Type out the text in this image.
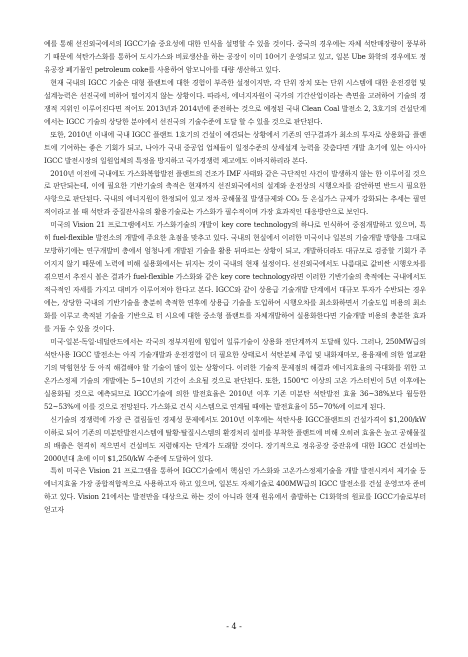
예를 통해 선진외국에서의 IGCC기술 중요성에 대한 인식을 설명할 수 있을 것이다. 중국의 경우에는 자체 석탄매장량이 풍부하기 때문에 석탄가스화를 통하여 도시가스와 비료생산을 하는 공장이 이미 10여기 운영되고 있고, 일본 Ube 화학의 경우에도 정유공장 폐기물인 petroleum coke를 사용하여 암모니아를 대량 생산하고 있다.

현재 국내의 IGCC 기술은 대형 플랜트에 대한 경험이 부족한 설정이지만, 각 단위 장치 또는 단위 시스템에 대한 운전경험 및 설계능력은 선진국에 비하여 떨어지지 않는 상황이다. 따라서, 에너지자원이 국가의 기간산업이라는 측면을 고려하여 기술의 경쟁적 지위인 이루어진다면 적어도 2013년과 2014년에 준전하는 것으로 예정된 국내 Clean Coal 발전소 2, 3호기의 건설단계에서는 IGCC 기술의 상당한 분야에서 선진국의 기술수준에 도달 할 수 있을 것으로 판단된다.

또한, 2010년 이내에 국내 IGCC 플랜트 1호기의 건설이 예견되는 상황에서 기존의 연구결과가 최소의 투자로 상용화급 플랜트에 기여하는 좋은 기회가 되고, 나아가 국내 중공업 업체들이 일정수준의 상세설계 능력을 갖춤다면 개발 초기에 있는 아시아 IGCC 발전시장의 일원업체의 특정을 방지하고 국가경쟁력 제고에도 이바지하리라 본다.

2010년 이전에 국내에도 가스화복합발전 플랜트의 건조가 IMF 사태와 같은 극단적인 사건이 발생하지 않는 한 이루어질 것으로 판단되는데, 이에 필요한 기반기술의 축적은 현재까지 선진외국에서의 설계와 운전상의 시행오차를 감안하면 반드시 필요한 사항으로 판단된다. 국내의 에너지원이 한정되어 있고 정차 공해물질 발생규제와 CO₂ 등 온실가스 규제가 강화되는 추세는 필연적이라고 볼 때 석탄과 중질잔사유의 활용기술로는 가스화가 필수적이며 가장 효과적인 대응방안으로 보인다.

미국의 Vision 21 프로그램에서도 가스화기술의 개발이 key core technology의 하나로 인식하여 중점개발하고 있으며, 특히 fuel-flexible 발전소의 개발에 주요한 초점을 맞추고 있다. 국내의 현실에서 이러한 미국이나 일본의 기술개발 방향을 그대로 모방하기에는 연구개발비 층에서 엄청나게 개발된 기술을 활용 뒤따르는 상황이 되고, 개발하더라도 대규모로 검증할 기회가 주어지지 않기 때문에 노력에 비해 실용화에서는 뒤지는 것이 국내의 현재 설정이다. 선진외국에서도 나름대로 값비싼 시행오차를 겪으면서 추진시 볼은 결과가 fuel-flexible 가스화와 같은 key core technology라면 이러한 기반기술의 축적에는 국내에서도 적극적인 자세를 가지고 대비가 이루어져야 한다고 본다. IGCC와 같이 상용급 기술개발 단계에서 대규모 투자가 수반되는 경우에는, 상당한 국내의 기반기술을 충분히 축적한 연후에 상용급 기술을 도입하여 시행오차를 최소화하면서 기술도입 비용의 최소화를 이루고 축적된 기술을 기반으로 터 시요에 대한 중소형 플랜트를 자체개발하여 실용화한다면 기술개발 비용의 충분한 효과를 거둘 수 있을 것이다.

미국·일본·독일·네덜란드에서는 각국의 정부지원에 힘입어 일류기술이 상용화 전단계까지 도달해 있다. 그러나, 250MW급의 석탄사용 IGCC 발전소는 아직 기술개발과 운전경험이 더 필요한 상태로서 석탄분체 주입 및 내화재마모, 용융재에 의한 열교환기의 막힘현상 등 아직 해결해야 할 기술이 많이 있는 상황이다. 이러한 기술적 문제점의 해결과 에너지효율의 극대화를 위한 고온가스정제 기술의 개발에는 5~10년의 기간이 소요될 것으로 판단된다. 또한, 1500℃ 이상의 고온 가스터빈이 5년 이후에는 실용화될 것으로 예측되므로 IGCC기술에 의한 발전효율은 2010년 이후 기존 미분탄 석탄발전 효율 36~38%보다 월등한 52~53%에 이를 것으로 전망된다. 가스화로 건식 시스템으로 연계될 때에는 발전효율이 55~70%에 이르게 된다.

신기술의 경쟁력에 가장 큰 결림돌인 경제성 문제에서도 2010년 이후에는 석탄사용 IGCC플랜트의 건설가격이 $1,200/kW이하로 되어 기존의 미분탄발전시스템에 탈황·탈질시스템의 환경처리 설비를 부착한 플랜트에 비해 오히려 효율은 높고 공해물질의 배출은 현격히 적으면서 건설비도 저렴해지는 단계가 도래할 것이다. 장기적으로 정유공장 중잔유에 대한 IGCC 건설비는 2000년대 초에 이미 $1,250/kW 수준에 도달하여 있다.

특히 미국은 Vision 21 프로그램을 통하여 IGCC기술에서 핵심인 가스화와 고온가스정제기술을 개발 발전시켜서 제기술 등 에너지효율 가장 종합적합적으로 사용하고자 하고 있으며, 일본도 자체기술로 400MW급의 IGCC 발전소를 건설 운영코자 준비하고 있다. Vision 21에서는 발전만을 대상으로 하는 것이 아니라 현재 원유에서 출발하는 C1화학의 원료를 IGCC기술로부터 얻고자

- 4 -
